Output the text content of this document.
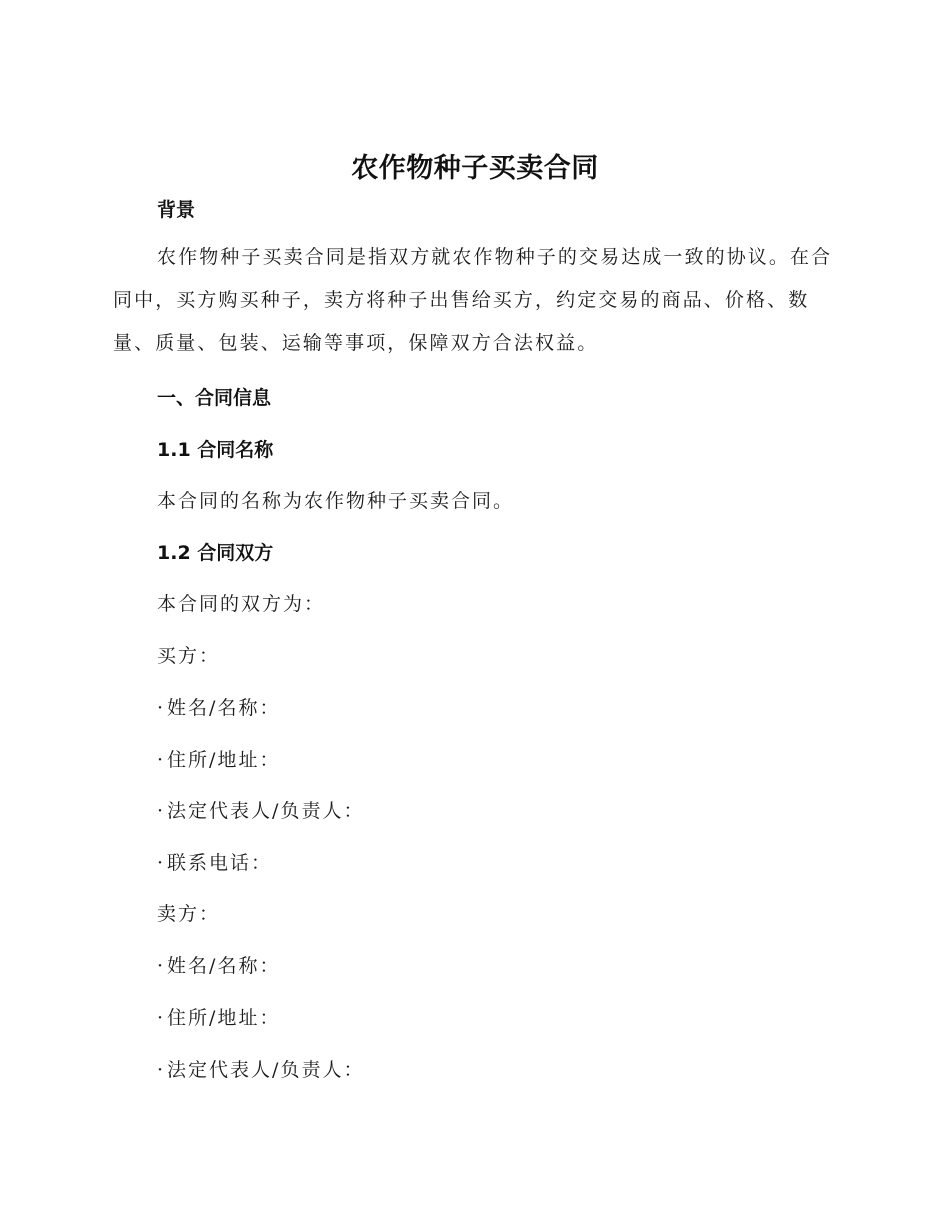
农作物种子买卖合同
背景
农作物种子买卖合同是指双方就农作物种子的交易达成一致的协议。在合同中，买方购买种子，卖方将种子出售给买方，约定交易的商品、价格、数量、质量、包装、运输等事项，保障双方合法权益。
一、合同信息
1.1 合同名称
本合同的名称为农作物种子买卖合同。
1.2 合同双方
本合同的双方为：
买方：
· 姓名/名称：
· 住所/地址：
· 法定代表人/负责人：
· 联系电话：
卖方：
· 姓名/名称：
· 住所/地址：
· 法定代表人/负责人：
